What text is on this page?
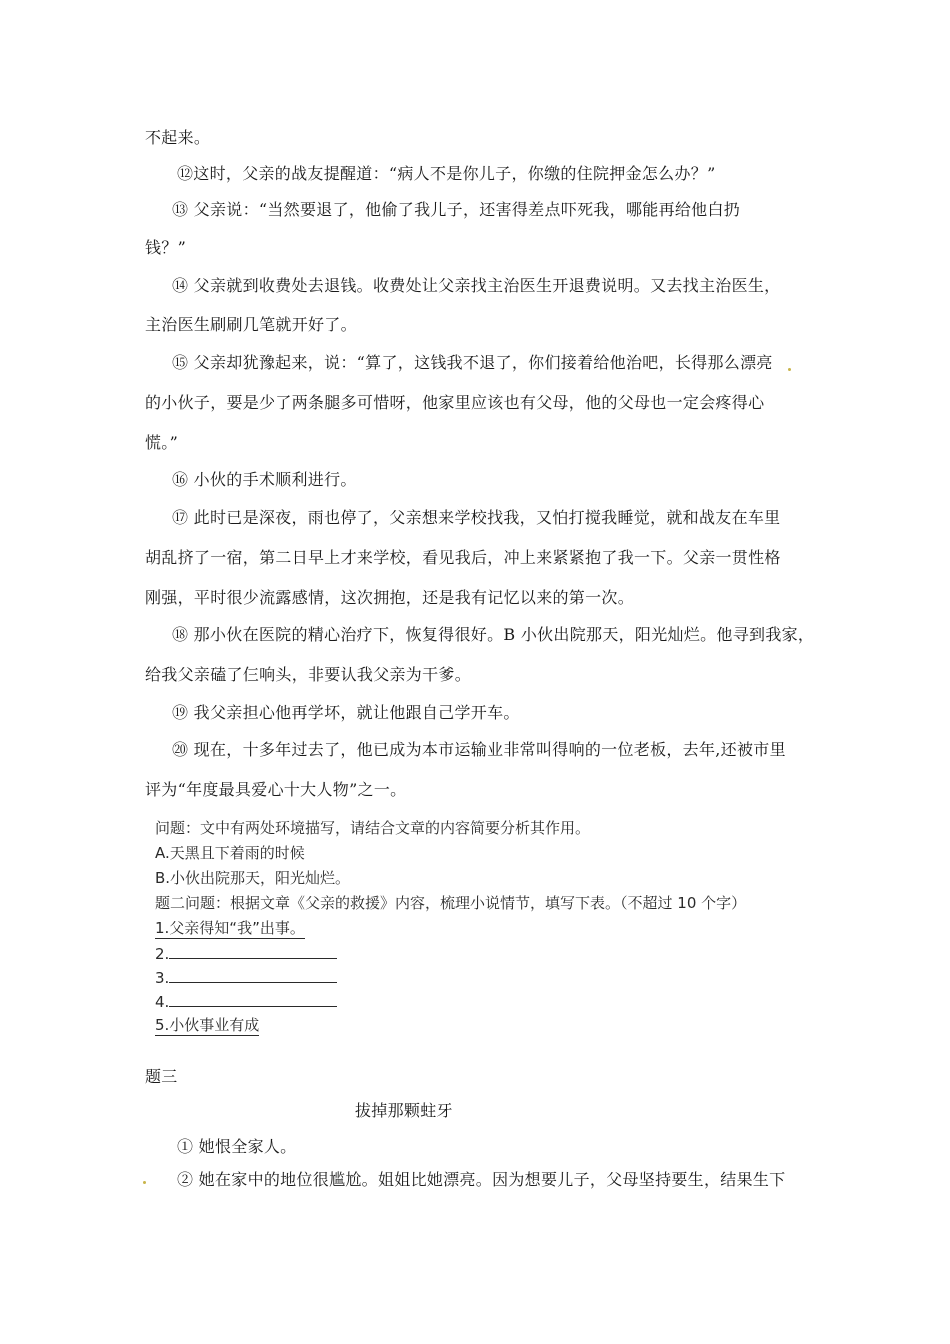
不起来。
⑫这时，父亲的战友提醒道：“病人不是你儿子，你缴的住院押金怎么办？”
⑬ 父亲说：“当然要退了，他偷了我儿子，还害得差点吓死我，哪能再给他白扔
钱？”
⑭ 父亲就到收费处去退钱。收费处让父亲找主治医生开退费说明。又去找主治医生，
主治医生刷刷几笔就开好了。
⑮ 父亲却犹豫起来，说：“算了，这钱我不退了，你们接着给他治吧，长得那么漂亮
的小伙子，要是少了两条腿多可惜呀，他家里应该也有父母，他的父母也一定会疼得心
慌。”
⑯ 小伙的手术顺利进行。
⑰ 此时已是深夜，雨也停了，父亲想来学校找我，又怕打搅我睡觉，就和战友在车里
胡乱挤了一宿，第二日早上才来学校，看见我后，冲上来紧紧抱了我一下。父亲一贯性格
刚强，平时很少流露感情，这次拥抱，还是我有记忆以来的第一次。
⑱ 那小伙在医院的精心治疗下，恢复得很好。B 小伙出院那天，阳光灿烂。他寻到我家，
给我父亲磕了仨响头，非要认我父亲为干爹。
⑲ 我父亲担心他再学坏，就让他跟自己学开车。
⑳ 现在，十多年过去了，他已成为本市运输业非常叫得响的一位老板，去年,还被市里
评为“年度最具爱心十大人物”之一。
问题：文中有两处环境描写，请结合文章的内容简要分析其作用。
A.天黑且下着雨的时候
B.小伙出院那天，阳光灿烂。
题二问题：根据文章《父亲的救援》内容，梳理小说情节，填写下表。（不超过 10 个字）
1.父亲得知“我”出事。
2.
3.
4.
5.小伙事业有成
题三
拔掉那颗蛀牙
① 她恨全家人。
② 她在家中的地位很尴尬。姐姐比她漂亮。因为想要儿子，父母坚持要生，结果生下
